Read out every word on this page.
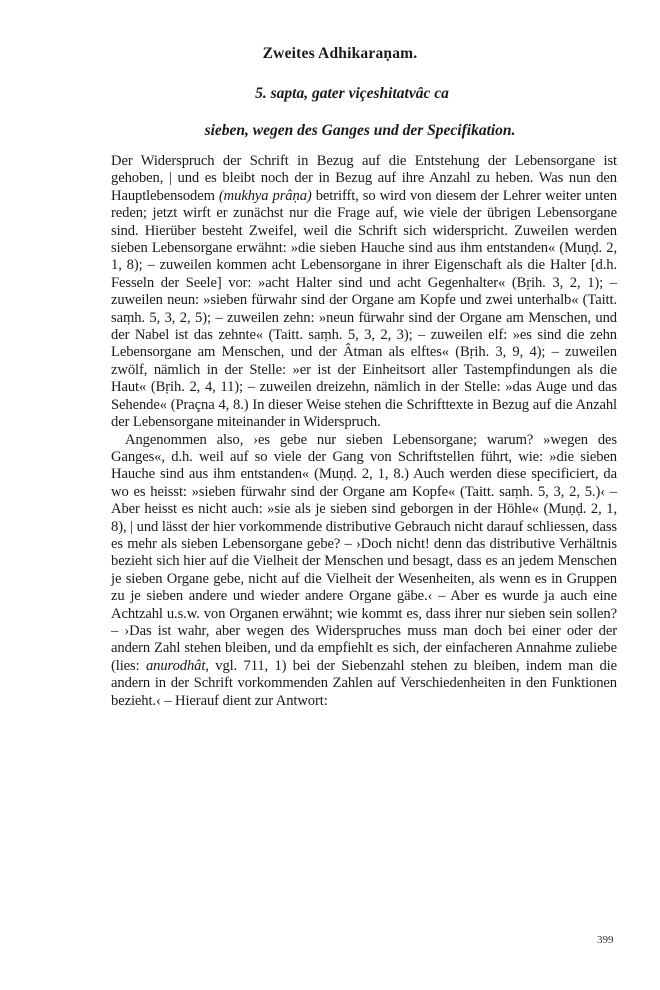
Zweites Adhikaraṇam.
5. sapta, gater viçeshitatvâc ca
sieben, wegen des Ganges und der Specifikation.

Der Widerspruch der Schrift in Bezug auf die Entstehung der Lebensorgane ist gehoben, | und es bleibt noch der in Bezug auf ihre Anzahl zu heben. Was nun den Hauptlebensodem (mukhya prâṇa) betrifft, so wird von diesem der Lehrer weiter unten reden; jetzt wirft er zunächst nur die Frage auf, wie viele der übrigen Lebensorgane sind. Hierüber besteht Zweifel, weil die Schrift sich widerspricht. Zuweilen werden sieben Lebensorgane erwähnt: »die sieben Hauche sind aus ihm entstanden« (Muṇḍ. 2, 1, 8); – zuweilen kommen acht Lebensorgane in ihrer Eigenschaft als die Halter [d.h. Fesseln der Seele] vor: »acht Halter sind und acht Gegenhalter« (Bṛih. 3, 2, 1); – zuweilen neun: »sieben fürwahr sind der Organe am Kopfe und zwei unterhalb« (Taitt. saṃh. 5, 3, 2, 5); – zuweilen zehn: »neun fürwahr sind der Organe am Menschen, und der Nabel ist das zehnte« (Taitt. saṃh. 5, 3, 2, 3); – zuweilen elf: »es sind die zehn Lebensorgane am Menschen, und der Âtman als elftes« (Bṛih. 3, 9, 4); – zuweilen zwölf, nämlich in der Stelle: »er ist der Einheitsort aller Tastempfindungen als die Haut« (Bṛih. 2, 4, 11); – zuweilen dreizehn, nämlich in der Stelle: »das Auge und das Sehende« (Praçna 4, 8.) In dieser Weise stehen die Schrifttexte in Bezug auf die Anzahl der Lebensorgane miteinander in Widerspruch.

Angenommen also, ›es gebe nur sieben Lebensorgane; warum? »wegen des Ganges«, d.h. weil auf so viele der Gang von Schriftstellen führt, wie: »die sieben Hauche sind aus ihm entstanden« (Muṇḍ. 2, 1, 8.) Auch werden diese specificiert, da wo es heisst: »sieben fürwahr sind der Organe am Kopfe« (Taitt. saṃh. 5, 3, 2, 5.)‹ – Aber heisst es nicht auch: »sie als je sieben sind geborgen in der Höhle« (Muṇḍ. 2, 1, 8), | und lässt der hier vorkommende distributive Gebrauch nicht darauf schliessen, dass es mehr als sieben Lebensorgane gebe? – ›Doch nicht! denn das distributive Verhältnis bezieht sich hier auf die Vielheit der Menschen und besagt, dass es an jedem Menschen je sieben Organe gebe, nicht auf die Vielheit der Wesenheiten, als wenn es in Gruppen zu je sieben andere und wieder andere Organe gäbe.‹ – Aber es wurde ja auch eine Achtzahl u.s.w. von Organen erwähnt; wie kommt es, dass ihrer nur sieben sein sollen? – ›Das ist wahr, aber wegen des Widerspruches muss man doch bei einer oder der andern Zahl stehen bleiben, und da empfiehlt es sich, der einfacheren Annahme zuliebe (lies: anurodhât, vgl. 711, 1) bei der Siebenzahl stehen zu bleiben, indem man die andern in der Schrift vorkommenden Zahlen auf Verschiedenheiten in den Funktionen bezieht.‹ – Hierauf dient zur Antwort:

399
